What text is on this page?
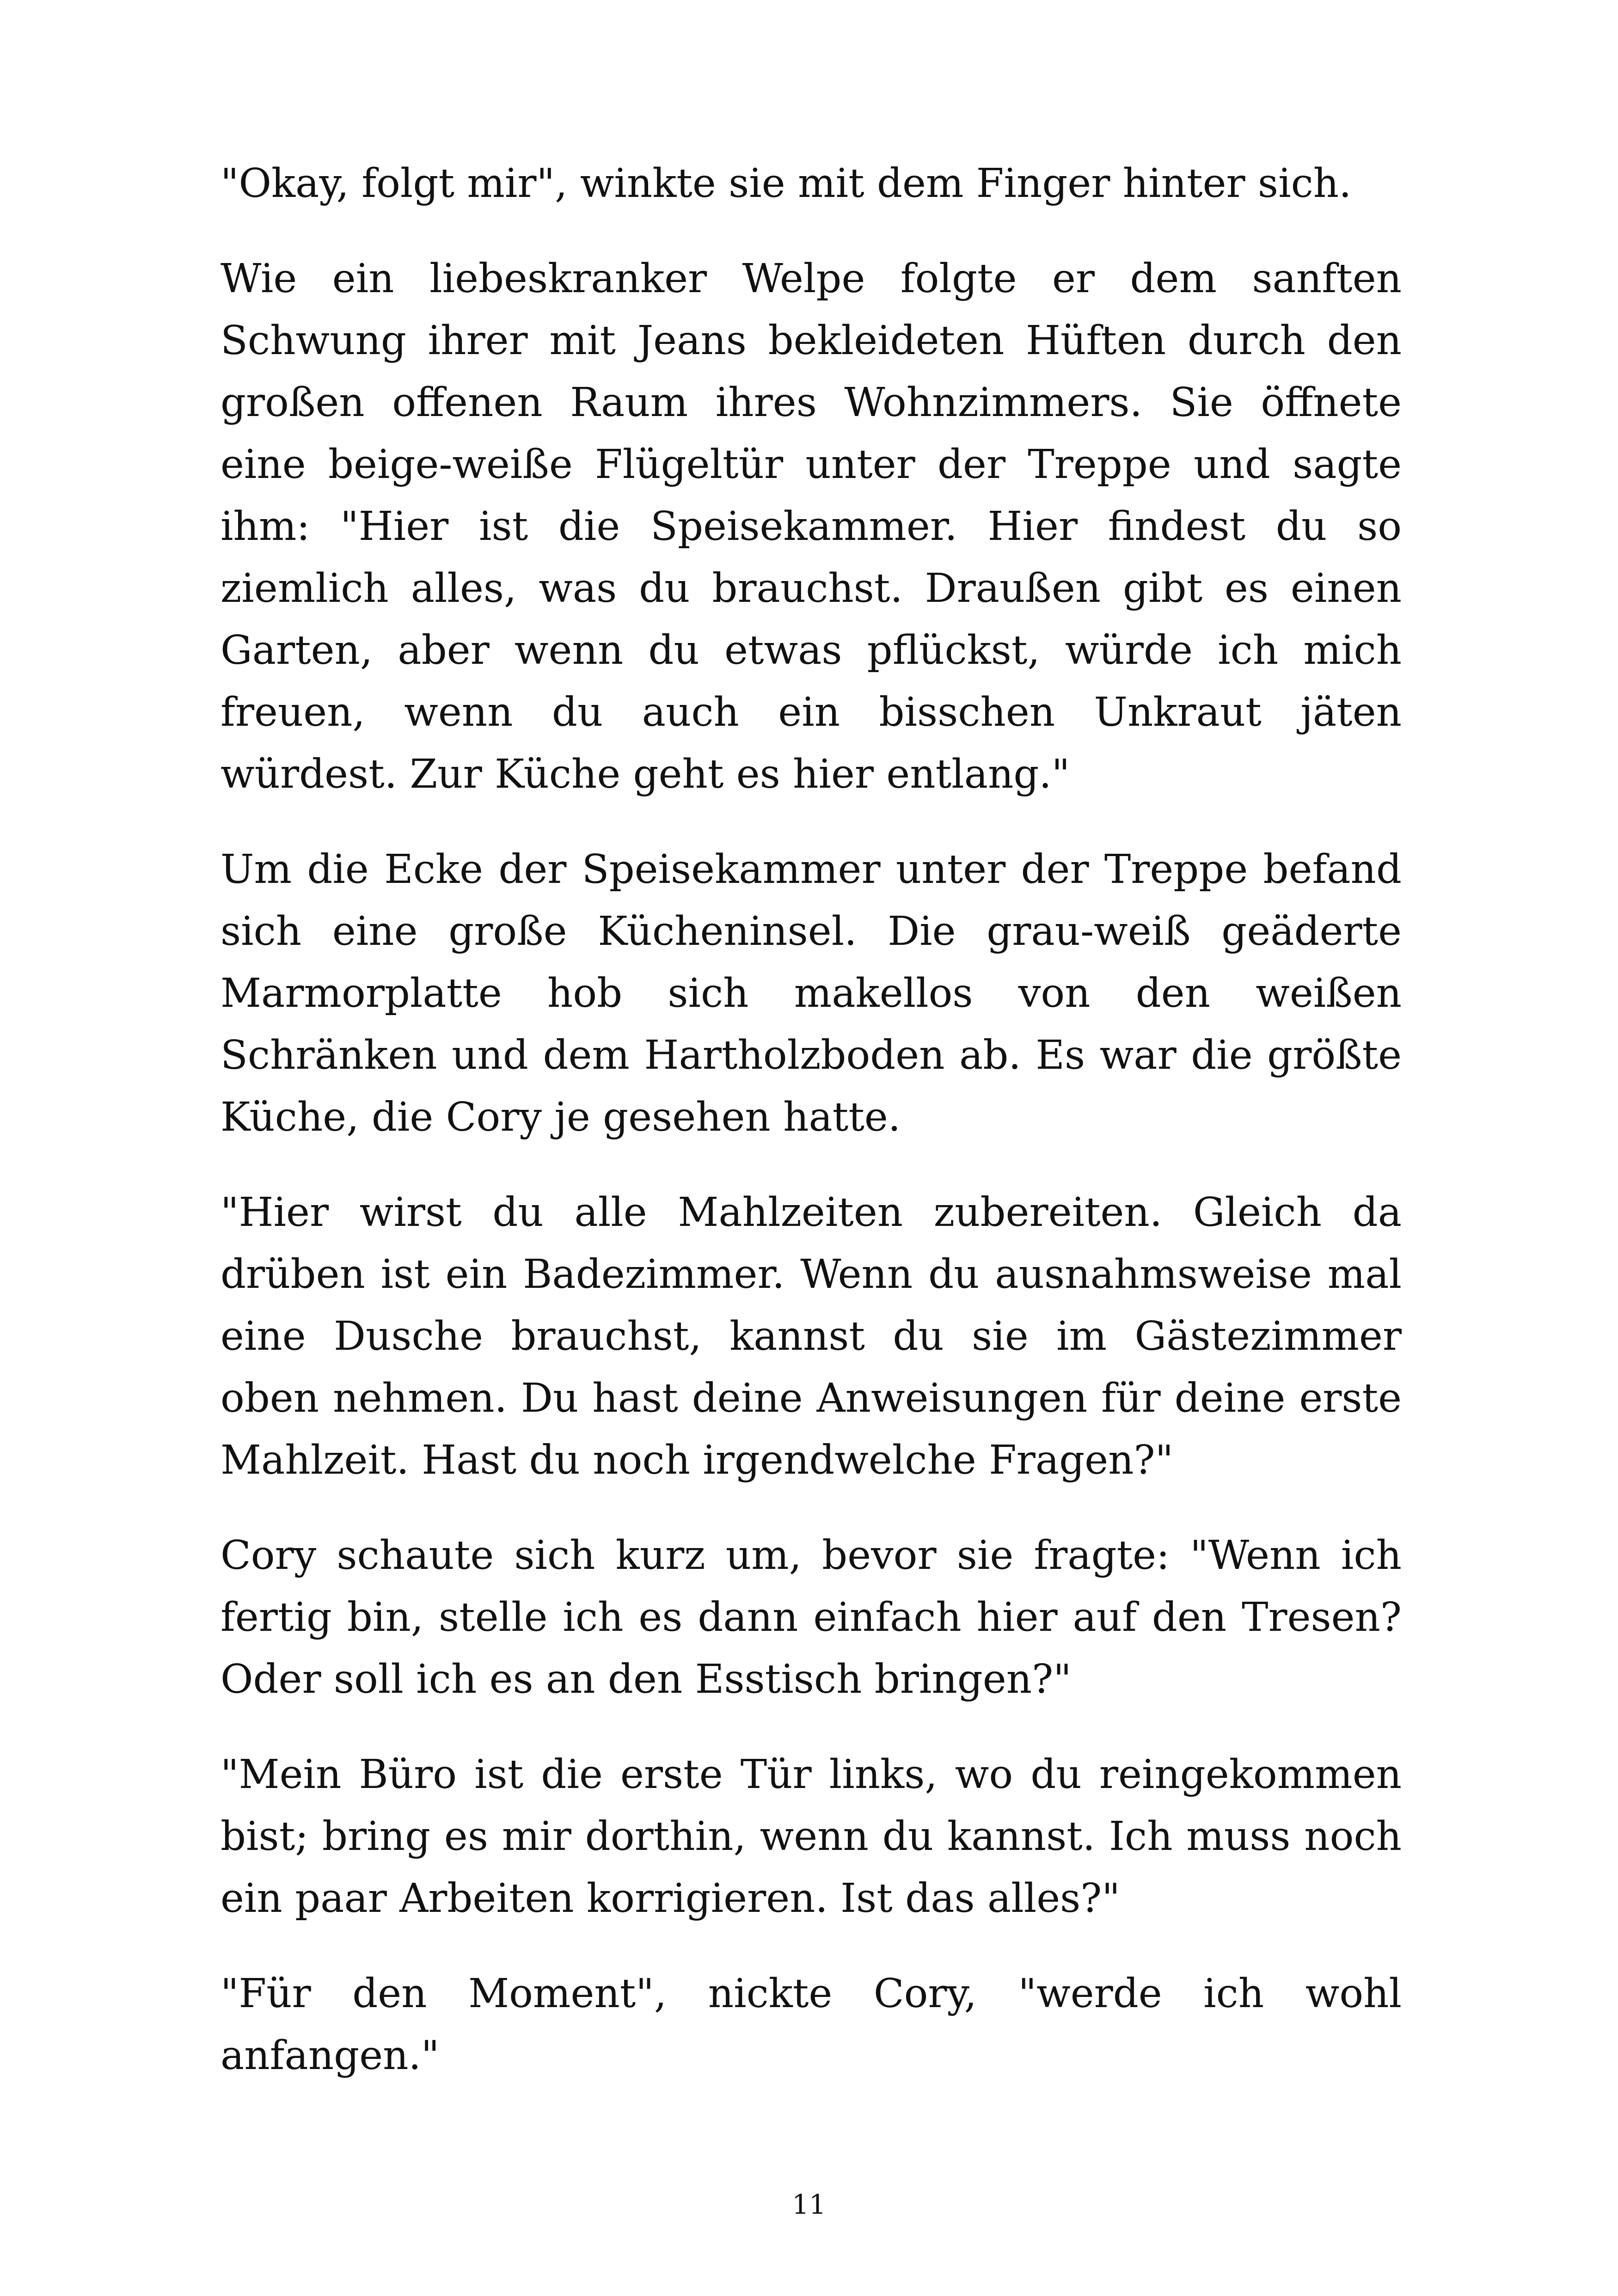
"Okay, folgt mir", winkte sie mit dem Finger hinter sich.

Wie ein liebeskranker Welpe folgte er dem sanften Schwung ihrer mit Jeans bekleideten Hüften durch den großen offenen Raum ihres Wohnzimmers. Sie öffnete eine beige-weiße Flügeltür unter der Treppe und sagte ihm: "Hier ist die Speisekammer. Hier findest du so ziemlich alles, was du brauchst. Draußen gibt es einen Garten, aber wenn du etwas pflückst, würde ich mich freuen, wenn du auch ein bisschen Unkraut jäten würdest. Zur Küche geht es hier entlang."

Um die Ecke der Speisekammer unter der Treppe befand sich eine große Kücheninsel. Die grau-weiß geäderte Marmorplatte hob sich makellos von den weißen Schränken und dem Hartholzboden ab. Es war die größte Küche, die Cory je gesehen hatte.

"Hier wirst du alle Mahlzeiten zubereiten. Gleich da drüben ist ein Badezimmer. Wenn du ausnahmsweise mal eine Dusche brauchst, kannst du sie im Gästezimmer oben nehmen. Du hast deine Anweisungen für deine erste Mahlzeit. Hast du noch irgendwelche Fragen?"

Cory schaute sich kurz um, bevor sie fragte: "Wenn ich fertig bin, stelle ich es dann einfach hier auf den Tresen? Oder soll ich es an den Esstisch bringen?"

"Mein Büro ist die erste Tür links, wo du reingekommen bist; bring es mir dorthin, wenn du kannst. Ich muss noch ein paar Arbeiten korrigieren. Ist das alles?"

"Für den Moment", nickte Cory, "werde ich wohl anfangen."

11
